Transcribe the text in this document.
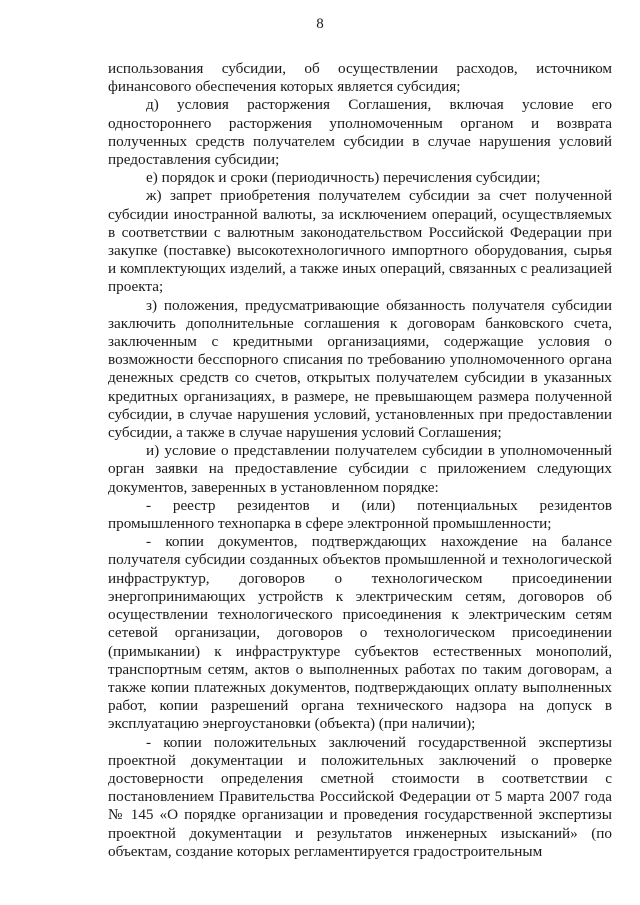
8

использования субсидии, об осуществлении расходов, источником финансового обеспечения которых является субсидия;

д) условия расторжения Соглашения, включая условие его одностороннего расторжения уполномоченным органом и возврата полученных средств получателем субсидии в случае нарушения условий предоставления субсидии;

е) порядок и сроки (периодичность) перечисления субсидии;

ж) запрет приобретения получателем субсидии за счет полученной субсидии иностранной валюты, за исключением операций, осуществляемых в соответствии с валютным законодательством Российской Федерации при закупке (поставке) высокотехнологичного импортного оборудования, сырья и комплектующих изделий, а также иных операций, связанных с реализацией проекта;

з) положения, предусматривающие обязанность получателя субсидии заключить дополнительные соглашения к договорам банковского счета, заключенным с кредитными организациями, содержащие условия о возможности бесспорного списания по требованию уполномоченного органа денежных средств со счетов, открытых получателем субсидии в указанных кредитных организациях, в размере, не превышающем размера полученной субсидии, в случае нарушения условий, установленных при предоставлении субсидии, а также в случае нарушения условий Соглашения;

и) условие о представлении получателем субсидии в уполномоченный орган заявки на предоставление субсидии с приложением следующих документов, заверенных в установленном порядке:

- реестр резидентов и (или) потенциальных резидентов промышленного технопарка в сфере электронной промышленности;

- копии документов, подтверждающих нахождение на балансе получателя субсидии созданных объектов промышленной и технологической инфраструктур, договоров о технологическом присоединении энергопринимающих устройств к электрическим сетям, договоров об осуществлении технологического присоединения к электрическим сетям сетевой организации, договоров о технологическом присоединении (примыкании) к инфраструктуре субъектов естественных монополий, транспортным сетям, актов о выполненных работах по таким договорам, а также копии платежных документов, подтверждающих оплату выполненных работ, копии разрешений органа технического надзора на допуск в эксплуатацию энергоустановки (объекта) (при наличии);

- копии положительных заключений государственной экспертизы проектной документации и положительных заключений о проверке достоверности определения сметной стоимости в соответствии с постановлением Правительства Российской Федерации от 5 марта 2007 года № 145 «О порядке организации и проведения государственной экспертизы проектной документации и результатов инженерных изысканий» (по объектам, создание которых регламентируется градостроительным
